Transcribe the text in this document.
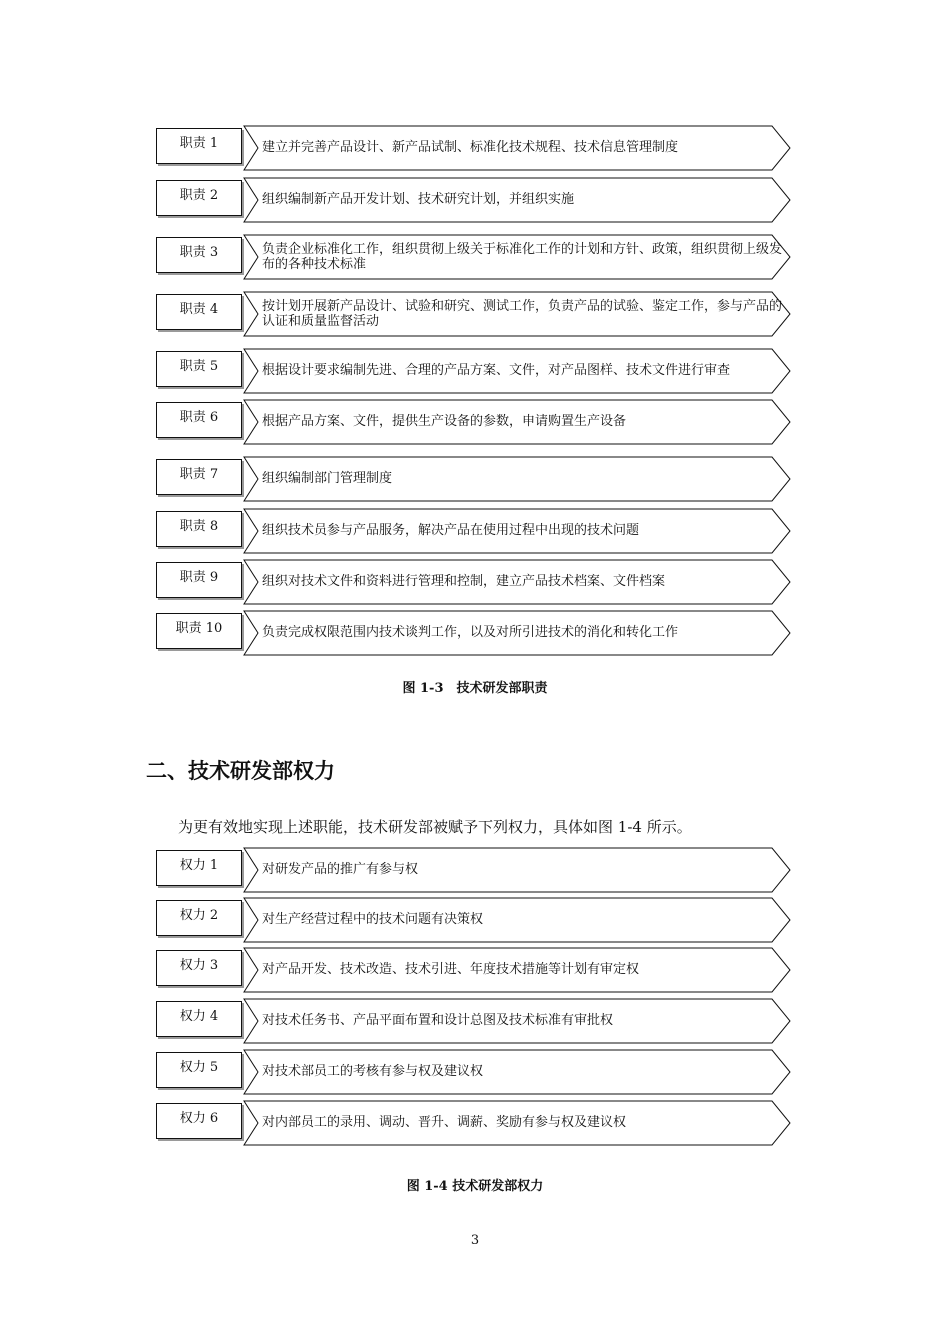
职责 1	建立并完善产品设计、新产品试制、标准化技术规程、技术信息管理制度
职责 2	组织编制新产品开发计划、技术研究计划，并组织实施
职责 3	负责企业标准化工作，组织贯彻上级关于标准化工作的计划和方针、政策，组织贯彻上级发布的各种技术标准
职责 4	按计划开展新产品设计、试验和研究、测试工作，负责产品的试验、鉴定工作，参与产品的认证和质量监督活动
职责 5	根据设计要求编制先进、合理的产品方案、文件，对产品图样、技术文件进行审查
职责 6	根据产品方案、文件，提供生产设备的参数，申请购置生产设备
职责 7	组织编制部门管理制度
职责 8	组织技术员参与产品服务，解决产品在使用过程中出现的技术问题
职责 9	组织对技术文件和资料进行管理和控制，建立产品技术档案、文件档案
职责 10	负责完成权限范围内技术谈判工作，以及对所引进技术的消化和转化工作
图 1-3　技术研发部职责
二、技术研发部权力
为更有效地实现上述职能，技术研发部被赋予下列权力，具体如图 1-4 所示。
权力 1	对研发产品的推广有参与权
权力 2	对生产经营过程中的技术问题有决策权
权力 3	对产品开发、技术改造、技术引进、年度技术措施等计划有审定权
权力 4	对技术任务书、产品平面布置和设计总图及技术标准有审批权
权力 5	对技术部员工的考核有参与权及建议权
权力 6	对内部员工的录用、调动、晋升、调薪、奖励有参与权及建议权
图 1-4 技术研发部权力
3
